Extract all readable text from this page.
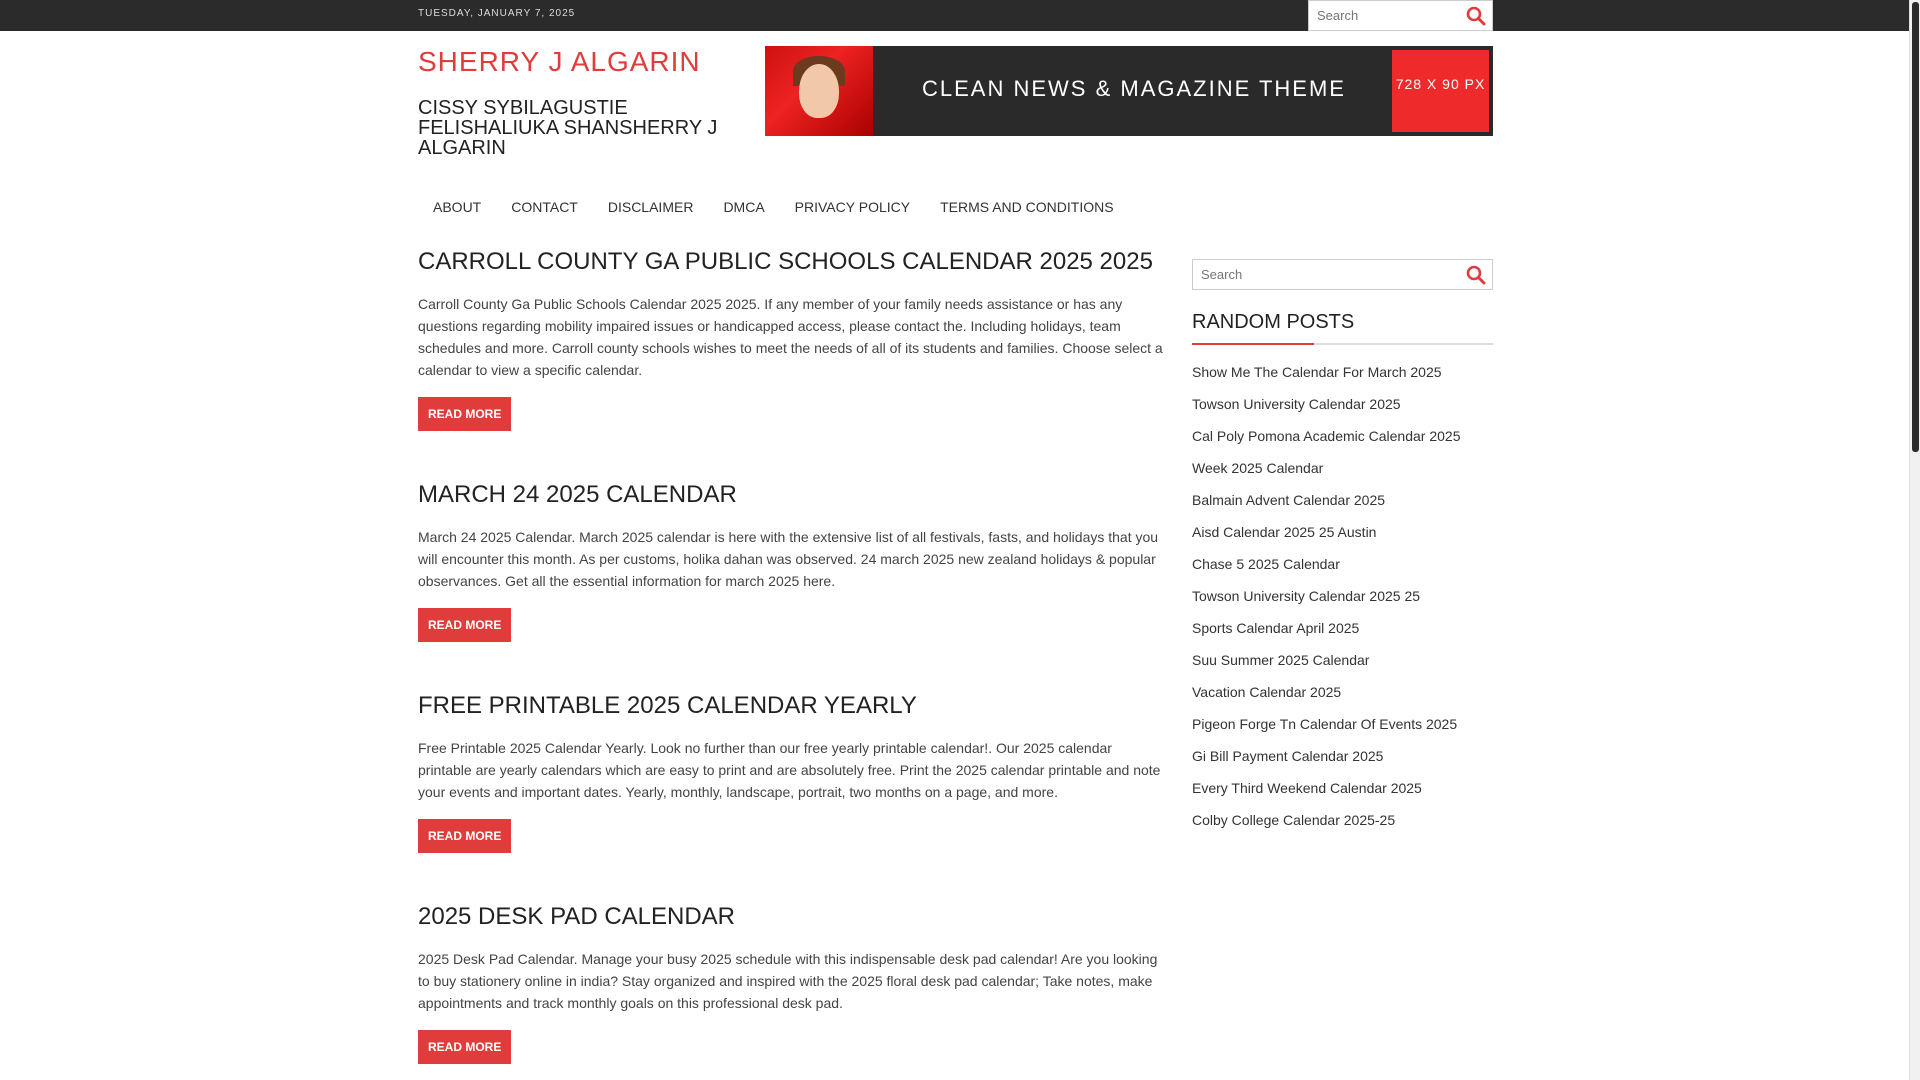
TUESDAY, JANUARY 7, 2025
Search
SHERRY J ALGARIN
CISSY SYBILAGUSTIE FELISHALIUKA SHANSHERRY J ALGARIN
CLEAN NEWS & MAGAZINE THEME	728 X 90 PX
ABOUT	CONTACT	DISCLAIMER	DMCA	PRIVACY POLICY	TERMS AND CONDITIONS
CARROLL COUNTY GA PUBLIC SCHOOLS CALENDAR 2025 2025

Carroll County Ga Public Schools Calendar 2025 2025. If any member of your family needs assistance or has any questions regarding mobility impaired issues or handicapped access, please contact the. Including holidays, team schedules and more. Carroll county schools wishes to meet the needs of all of its students and families. Choose select a calendar to view a specific calendar.

READ MORE
MARCH 24 2025 CALENDAR

March 24 2025 Calendar. March 2025 calendar is here with the extensive list of all festivals, fasts, and holidays that you will encounter this month. As per customs, holika dahan was observed. 24 march 2025 new zealand holidays & popular observances. Get all the essential information for march 2025 here.

READ MORE
FREE PRINTABLE 2025 CALENDAR YEARLY

Free Printable 2025 Calendar Yearly. Look no further than our free yearly printable calendar!. Our 2025 calendar printable are yearly calendars which are easy to print and are absolutely free. Print the 2025 calendar printable and note your events and important dates. Yearly, monthly, landscape, portrait, two months on a page, and more.

READ MORE
2025 DESK PAD CALENDAR

2025 Desk Pad Calendar. Manage your busy 2025 schedule with this indispensable desk pad calendar! Are you looking to buy stationery online in india? Stay organized and inspired with the 2025 floral desk pad calendar; Take notes, make appointments and track monthly goals on this professional desk pad.

READ MORE
Search
RANDOM POSTS
Show Me The Calendar For March 2025
Towson University Calendar 2025
Cal Poly Pomona Academic Calendar 2025
Week 2025 Calendar
Balmain Advent Calendar 2025
Aisd Calendar 2025 25 Austin
Chase 5 2025 Calendar
Towson University Calendar 2025 25
Sports Calendar April 2025
Suu Summer 2025 Calendar
Vacation Calendar 2025
Pigeon Forge Tn Calendar Of Events 2025
Gi Bill Payment Calendar 2025
Every Third Weekend Calendar 2025
Colby College Calendar 2025-25
